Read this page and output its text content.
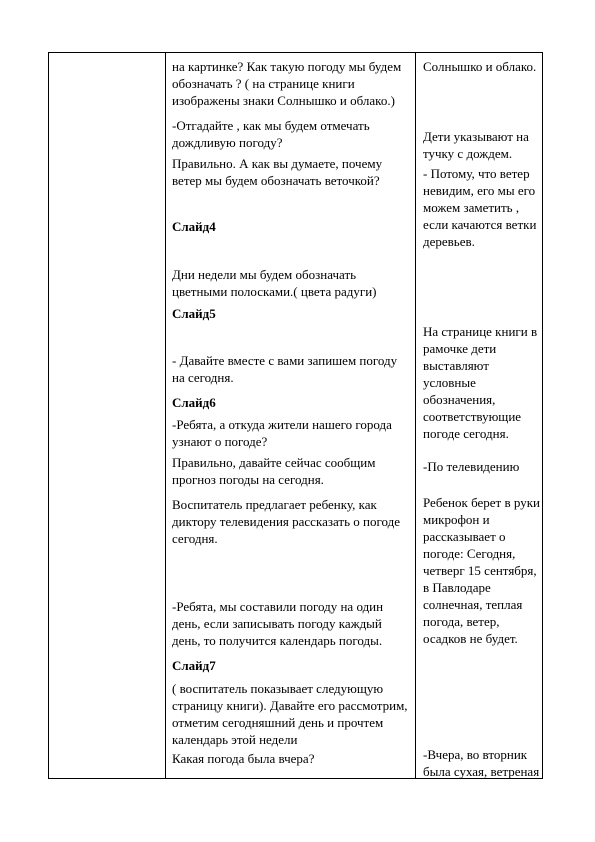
на картинке? Как такую погоду мы будем обозначать ? ( на странице книги изображены знаки Солнышко и облако.)

-Отгадайте , как мы будем отмечать дождливую погоду?

Правильно. А как вы думаете, почему ветер мы будем обозначать веточкой?

Слайд4

Дни недели мы будем обозначать цветными полосками.( цвета радуги)

Слайд5

- Давайте вместе с вами запишем погоду на сегодня.

Слайд6

-Ребята, а откуда жители нашего города узнают о погоде?

Правильно, давайте сейчас сообщим прогноз погоды на сегодня.

Воспитатель предлагает ребенку, как диктору телевидения рассказать о погоде сегодня.

-Ребята, мы составили погоду на один день, если записывать погоду каждый день, то получится календарь погоды.

Слайд7

( воспитатель показывает следующую страницу книги). Давайте его рассмотрим, отметим сегодняшний день и прочтем календарь этой недели

Какая погода была вчера?

Солнышко и облако.

Дети указывают на тучку с дождем.

- Потому, что ветер невидим, его мы его можем заметить , если качаются ветки деревьев.

На странице книги в рамочке дети выставляют условные обозначения, соответствующие погоде сегодня.

-По телевидению

Ребенок берет в руки микрофон и рассказывает о погоде: Сегодня, четверг 15 сентября, в Павлодаре солнечная, теплая погода, ветер, осадков не будет.

-Вчера, во вторник была сухая, ветреная
